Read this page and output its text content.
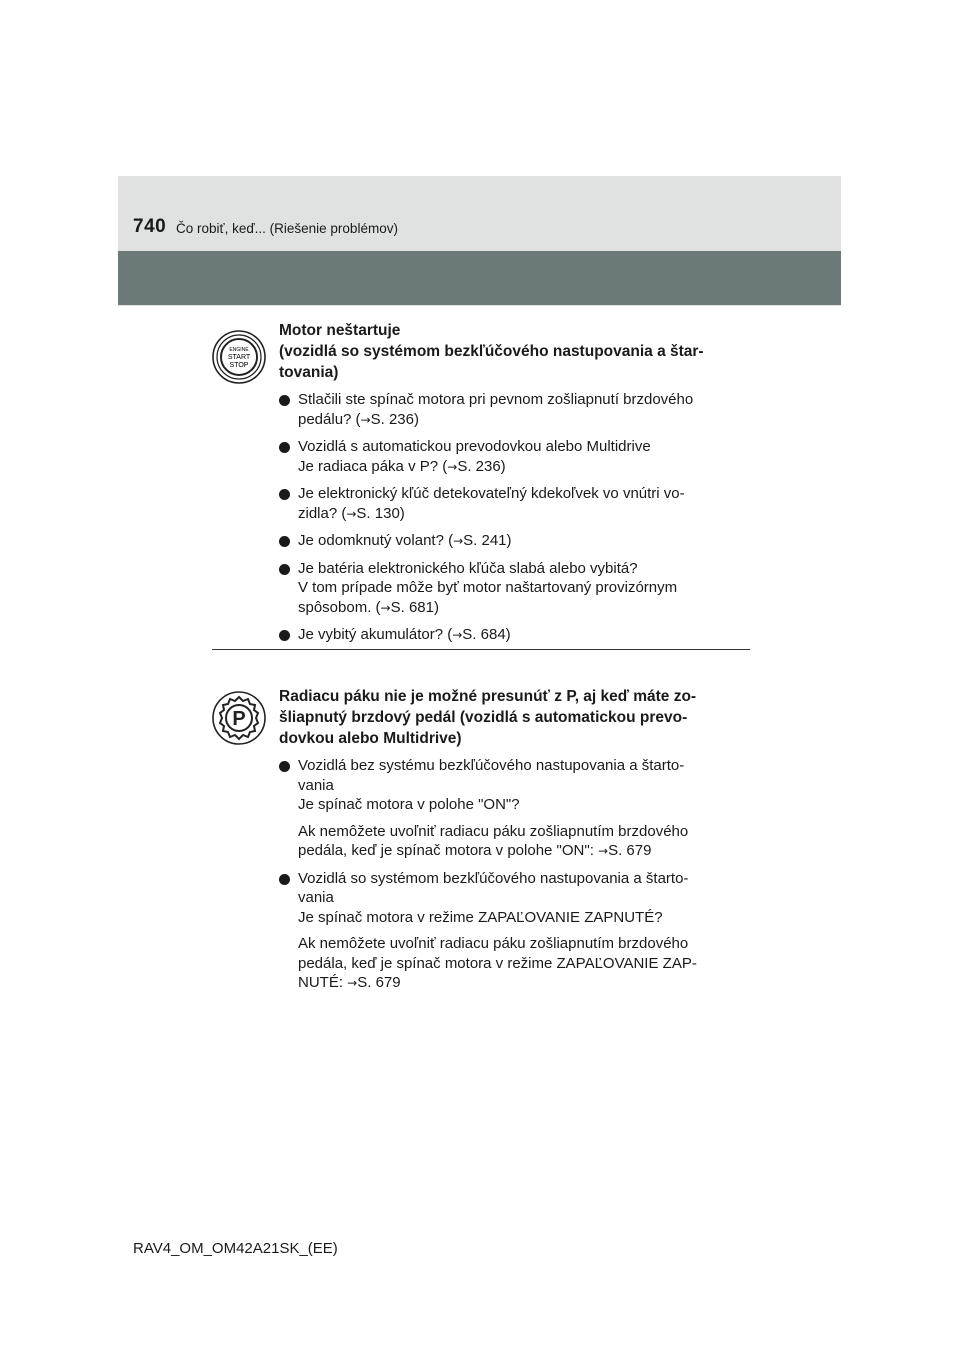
740 Čo robiť, keď... (Riešenie problémov)
ENGINE
START
STOP

Motor neštartuje
(vozidlá so systémom bezkľúčového nastupovania a štar-
tovania)

Stlačili ste spínač motora pri pevnom zošliapnutí brzdového
pedálu? (→S. 236)
Vozidlá s automatickou prevodovkou alebo Multidrive
Je radiaca páka v P? (→S. 236)
Je elektronický kľúč detekovateľný kdekoľvek vo vnútri vo-
zidla? (→S. 130)
Je odomknutý volant? (→S. 241)
Je batéria elektronického kľúča slabá alebo vybitá?
V tom prípade môže byť motor naštartovaný provizórnym
spôsobom. (→S. 681)
Je vybitý akumulátor? (→S. 684)
P

Radiacu páku nie je možné presunúť z P, aj keď máte zo-
šliapnutý brzdový pedál (vozidlá s automatickou prevo-
dovkou alebo Multidrive)

Vozidlá bez systému bezkľúčového nastupovania a štarto-
vania
Je spínač motora v polohe "ON"?
Ak nemôžete uvoľniť radiacu páku zošliapnutím brzdového
pedála, keď je spínač motora v polohe "ON": →S. 679
Vozidlá so systémom bezkľúčového nastupovania a štarto-
vania
Je spínač motora v režime ZAPAĽOVANIE ZAPNUTÉ?
Ak nemôžete uvoľniť radiacu páku zošliapnutím brzdového
pedála, keď je spínač motora v režime ZAPAĽOVANIE ZAP-
NUTÉ: →S. 679
RAV4_OM_OM42A21SK_(EE)
